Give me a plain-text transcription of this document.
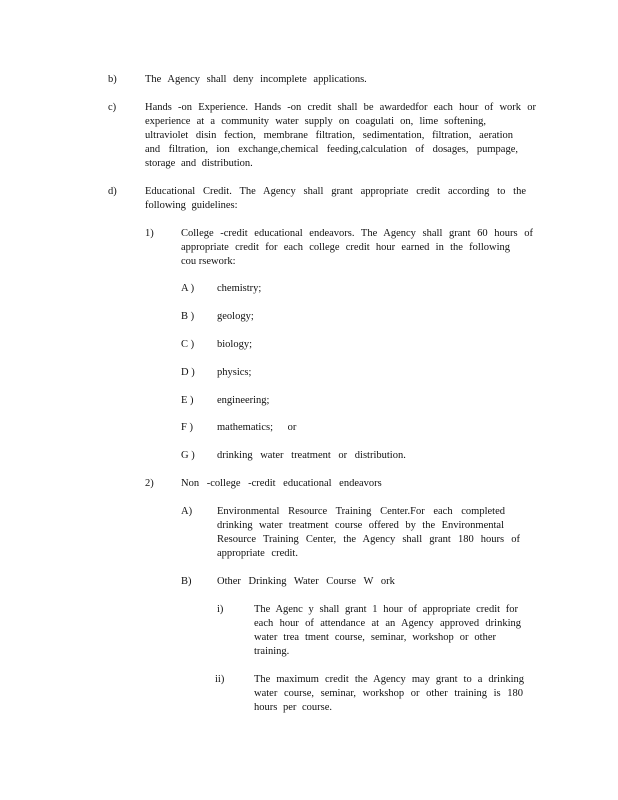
b)	The Agency shall deny incomplete applications.
c)	Hands -on Experience. Hands -on credit shall be awardedfor each hour of work or
experience at a community water supply on coagulati on, lime softening,
ultraviolet disin fection, membrane filtration, sedimentation, filtration, aeration
and filtration, ion exchange,chemical feeding,calculation of dosages, pumpage,
storage and distribution.
d)	Educational Credit. The Agency shall grant appropriate credit according to the
following guidelines:
1)	College -credit educational endeavors. The Agency shall grant 60 hours of
appropriate credit for each college credit hour earned in the following
cou rsework:
A ) chemistry;
B ) geology;
C ) biology;
D ) physics;
E ) engineering;
F ) mathematics; or
G ) drinking water treatment or distribution.
2)	Non -college -credit educational endeavors
A) Environmental Resource Training Center.For each completed
drinking water treatment course offered by the Environmental
Resource Training Center, the Agency shall grant 180 hours of
appropriate credit.
B) Other Drinking Water Course W ork
i)	The Agenc y shall grant 1 hour of appropriate credit for
each hour of attendance at an Agency approved drinking
water trea tment course, seminar, workshop or other
training.
ii)	The maximum credit the Agency may grant to a drinking
water course, seminar, workshop or other training is 180
hours per course.
